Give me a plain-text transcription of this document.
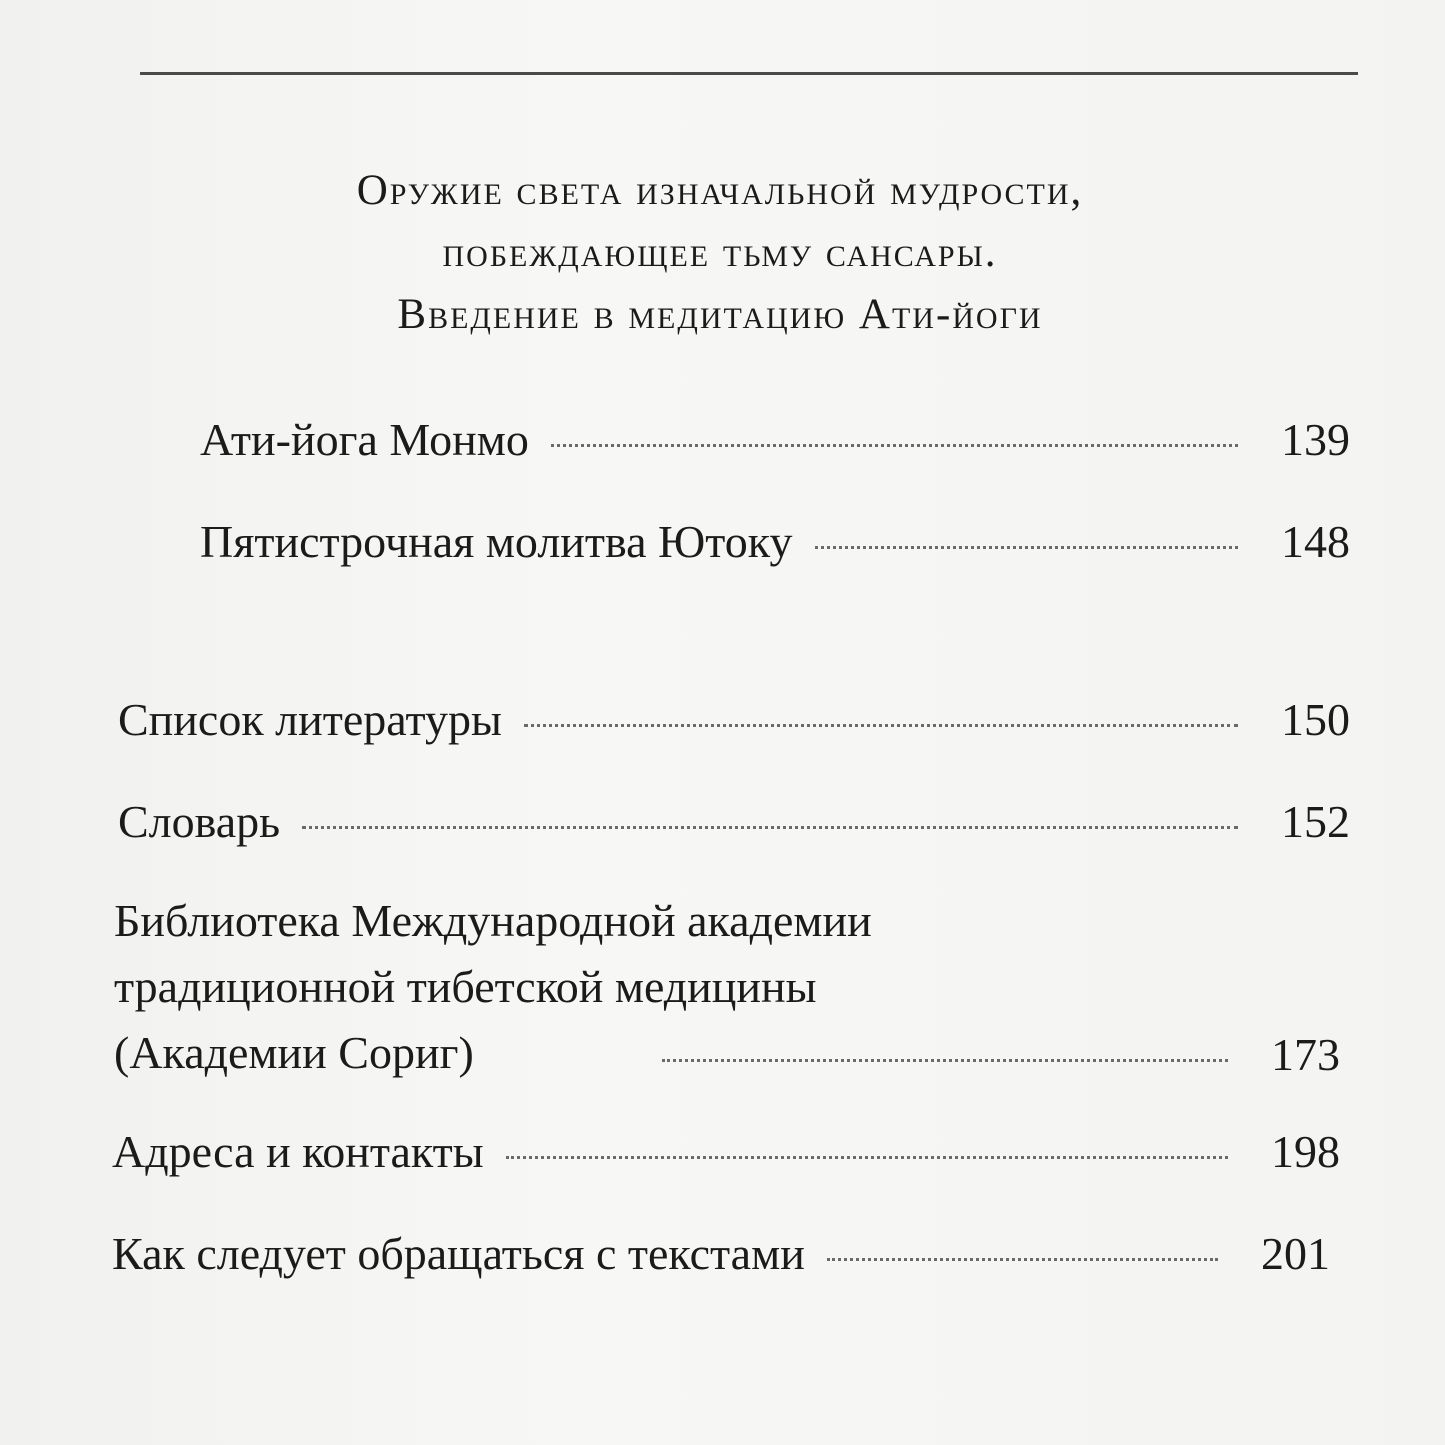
Оружие света изначальной мудрости,
побеждающее тьму сансары.
Введение в медитацию Ати-йоги
Ати-йога Монмо	139
Пятистрочная молитва Ютоку	148
Список литературы	150
Словарь	152
Библиотека Международной академии
традиционной тибетской медицины
(Академии Сориг)	173
Адреса и контакты	198
Как следует обращаться с текстами	201
